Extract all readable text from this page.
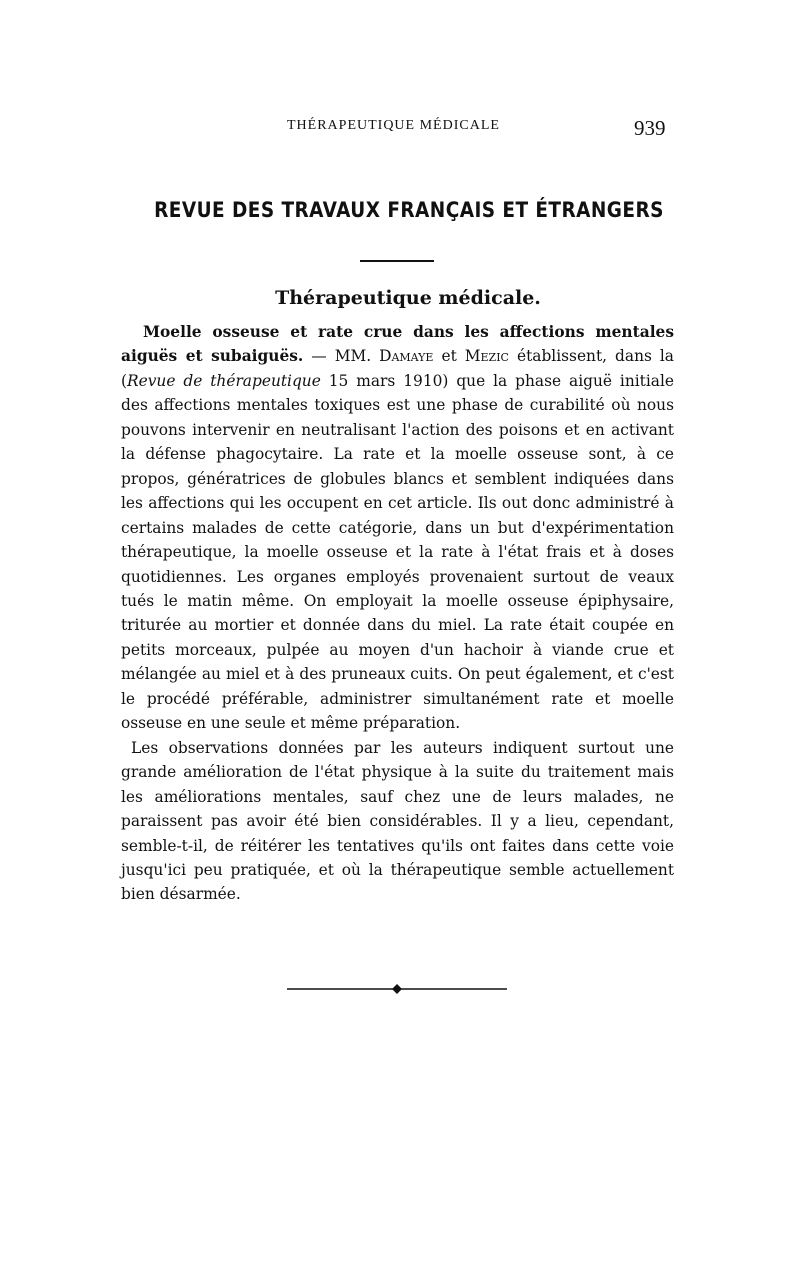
THÉRAPEUTIQUE MÉDICALE	939
REVUE DES TRAVAUX FRANÇAIS ET ÉTRANGERS
Thérapeutique médicale.

Moelle osseuse et rate crue dans les affections mentales aiguës et subaiguës. — MM. Damaye et Mezic établissent, dans la (Revue de thérapeutique 15 mars 1910) que la phase aiguë initiale des affections mentales toxiques est une phase de curabilité où nous pouvons intervenir en neutralisant l'action des poisons et en activant la défense phagocytaire. La rate et la moelle osseuse sont, à ce propos, génératrices de globules blancs et semblent indiquées dans les affections qui les occupent en cet article. Ils out donc administré à certains malades de cette catégorie, dans un but d'expérimentation thérapeutique, la moelle osseuse et la rate à l'état frais et à doses quotidiennes. Les organes employés provenaient surtout de veaux tués le matin même. On employait la moelle osseuse épiphysaire, triturée au mortier et donnée dans du miel. La rate était coupée en petits morceaux, pulpée au moyen d'un hachoir à viande crue et mélangée au miel et à des pruneaux cuits. On peut également, et c'est le procédé préférable, administrer simultanément rate et moelle osseuse en une seule et même préparation.

Les observations données par les auteurs indiquent surtout une grande amélioration de l'état physique à la suite du traitement mais les améliorations mentales, sauf chez une de leurs malades, ne paraissent pas avoir été bien considérables. Il y a lieu, cependant, semble-t-il, de réitérer les tentatives qu'ils ont faites dans cette voie jusqu'ici peu pratiquée, et où la thérapeutique semble actuellement bien désarmée.
